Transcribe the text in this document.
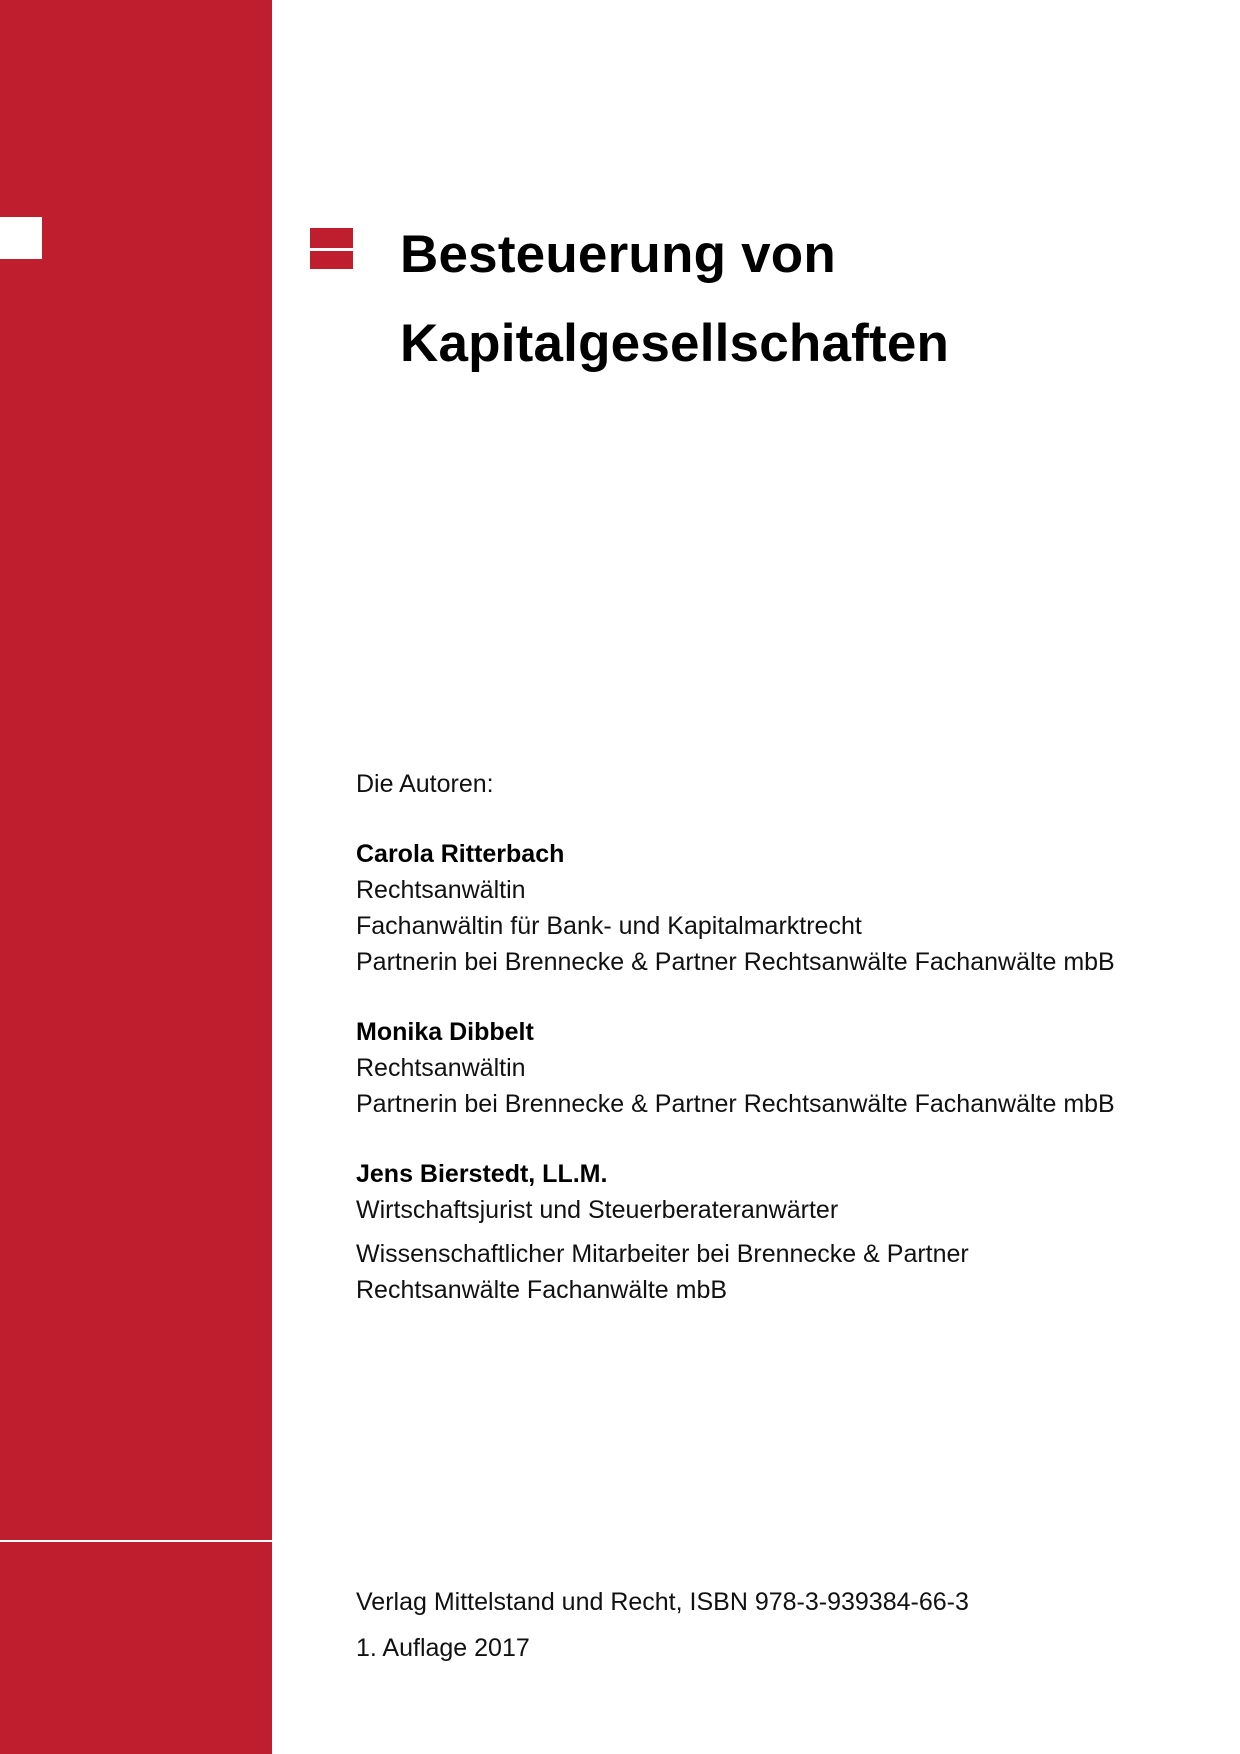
Besteuerung von
Kapitalgesellschaften
Die Autoren:
Carola Ritterbach
Rechtsanwältin
Fachanwältin für Bank- und Kapitalmarktrecht
Partnerin bei Brennecke & Partner Rechtsanwälte Fachanwälte mbB
Monika Dibbelt
Rechtsanwältin
Partnerin bei Brennecke & Partner Rechtsanwälte Fachanwälte mbB
Jens Bierstedt, LL.M.
Wirtschaftsjurist und Steuerberateranwärter
Wissenschaftlicher Mitarbeiter bei Brennecke & Partner
Rechtsanwälte Fachanwälte mbB
Verlag Mittelstand und Recht, ISBN 978-3-939384-66-3
1. Auflage 2017
